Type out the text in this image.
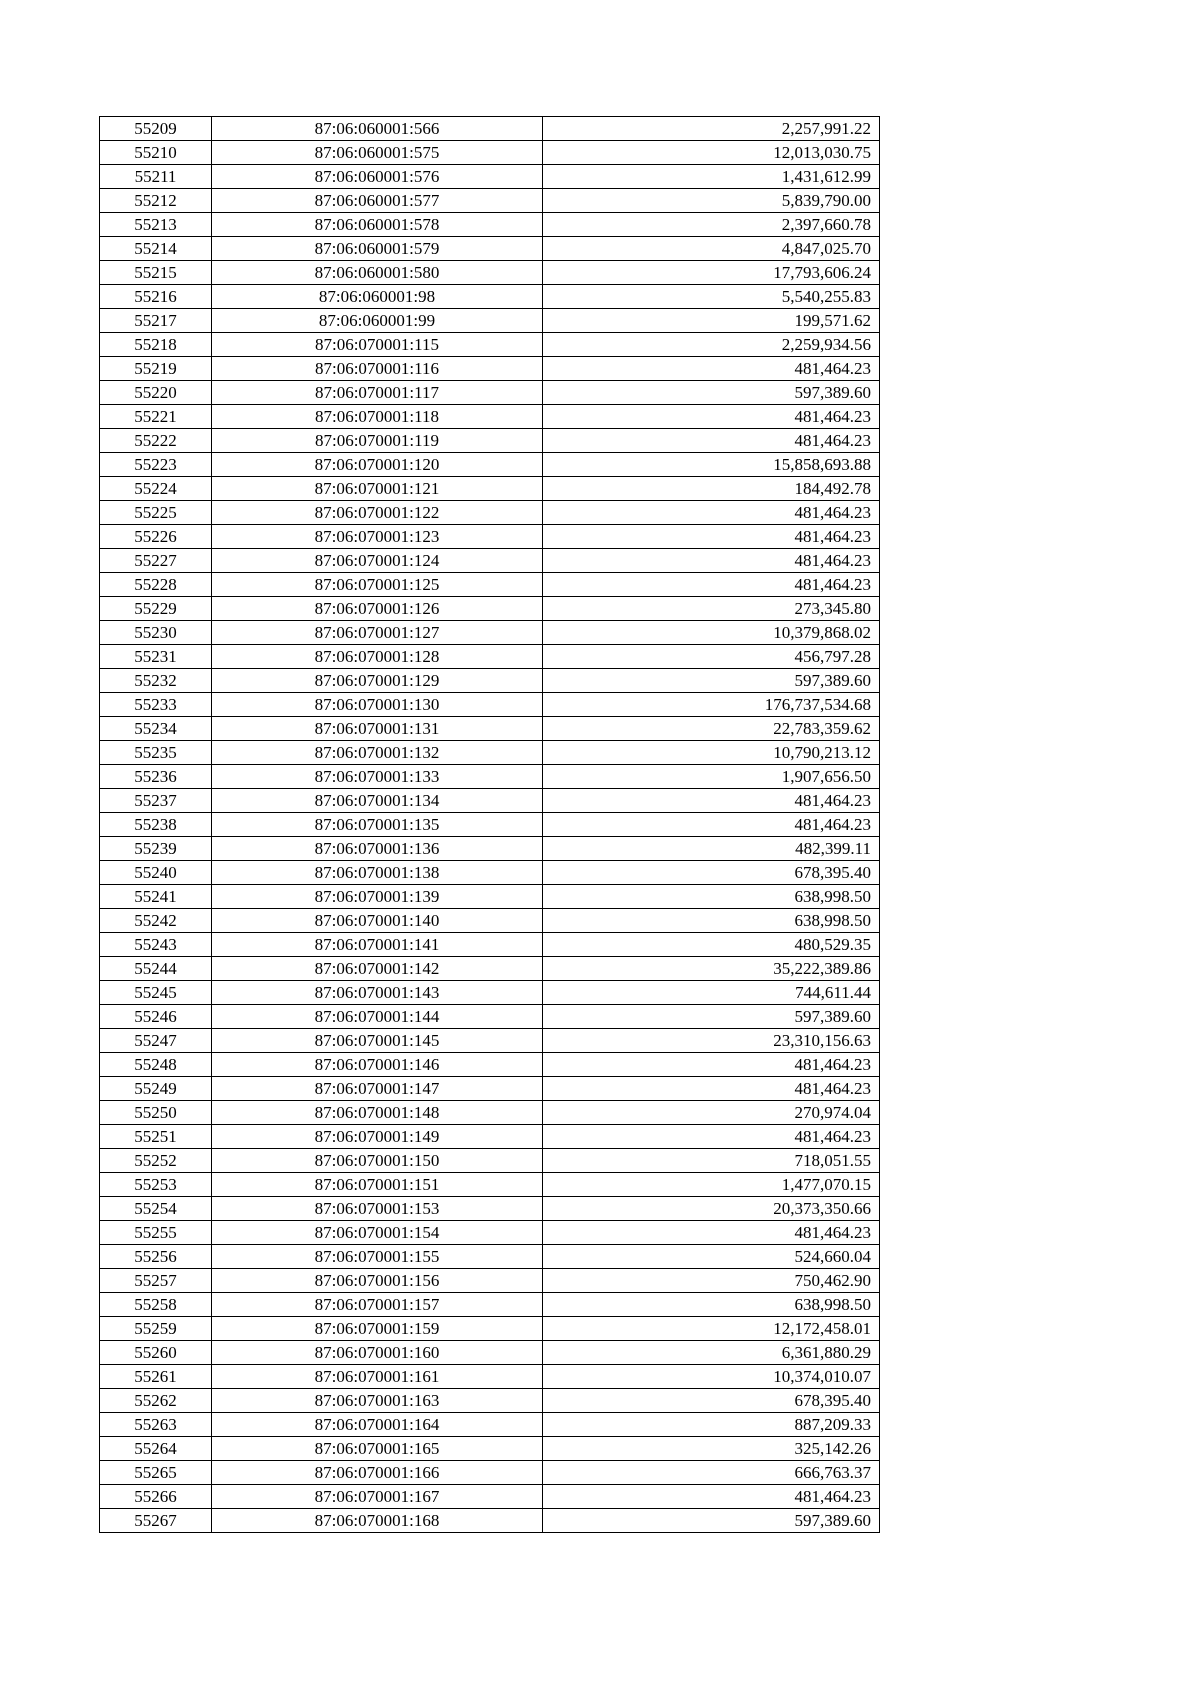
55209	87:06:060001:566	2,257,991.22
55210	87:06:060001:575	12,013,030.75
55211	87:06:060001:576	1,431,612.99
55212	87:06:060001:577	5,839,790.00
55213	87:06:060001:578	2,397,660.78
55214	87:06:060001:579	4,847,025.70
55215	87:06:060001:580	17,793,606.24
55216	87:06:060001:98	5,540,255.83
55217	87:06:060001:99	199,571.62
55218	87:06:070001:115	2,259,934.56
55219	87:06:070001:116	481,464.23
55220	87:06:070001:117	597,389.60
55221	87:06:070001:118	481,464.23
55222	87:06:070001:119	481,464.23
55223	87:06:070001:120	15,858,693.88
55224	87:06:070001:121	184,492.78
55225	87:06:070001:122	481,464.23
55226	87:06:070001:123	481,464.23
55227	87:06:070001:124	481,464.23
55228	87:06:070001:125	481,464.23
55229	87:06:070001:126	273,345.80
55230	87:06:070001:127	10,379,868.02
55231	87:06:070001:128	456,797.28
55232	87:06:070001:129	597,389.60
55233	87:06:070001:130	176,737,534.68
55234	87:06:070001:131	22,783,359.62
55235	87:06:070001:132	10,790,213.12
55236	87:06:070001:133	1,907,656.50
55237	87:06:070001:134	481,464.23
55238	87:06:070001:135	481,464.23
55239	87:06:070001:136	482,399.11
55240	87:06:070001:138	678,395.40
55241	87:06:070001:139	638,998.50
55242	87:06:070001:140	638,998.50
55243	87:06:070001:141	480,529.35
55244	87:06:070001:142	35,222,389.86
55245	87:06:070001:143	744,611.44
55246	87:06:070001:144	597,389.60
55247	87:06:070001:145	23,310,156.63
55248	87:06:070001:146	481,464.23
55249	87:06:070001:147	481,464.23
55250	87:06:070001:148	270,974.04
55251	87:06:070001:149	481,464.23
55252	87:06:070001:150	718,051.55
55253	87:06:070001:151	1,477,070.15
55254	87:06:070001:153	20,373,350.66
55255	87:06:070001:154	481,464.23
55256	87:06:070001:155	524,660.04
55257	87:06:070001:156	750,462.90
55258	87:06:070001:157	638,998.50
55259	87:06:070001:159	12,172,458.01
55260	87:06:070001:160	6,361,880.29
55261	87:06:070001:161	10,374,010.07
55262	87:06:070001:163	678,395.40
55263	87:06:070001:164	887,209.33
55264	87:06:070001:165	325,142.26
55265	87:06:070001:166	666,763.37
55266	87:06:070001:167	481,464.23
55267	87:06:070001:168	597,389.60
